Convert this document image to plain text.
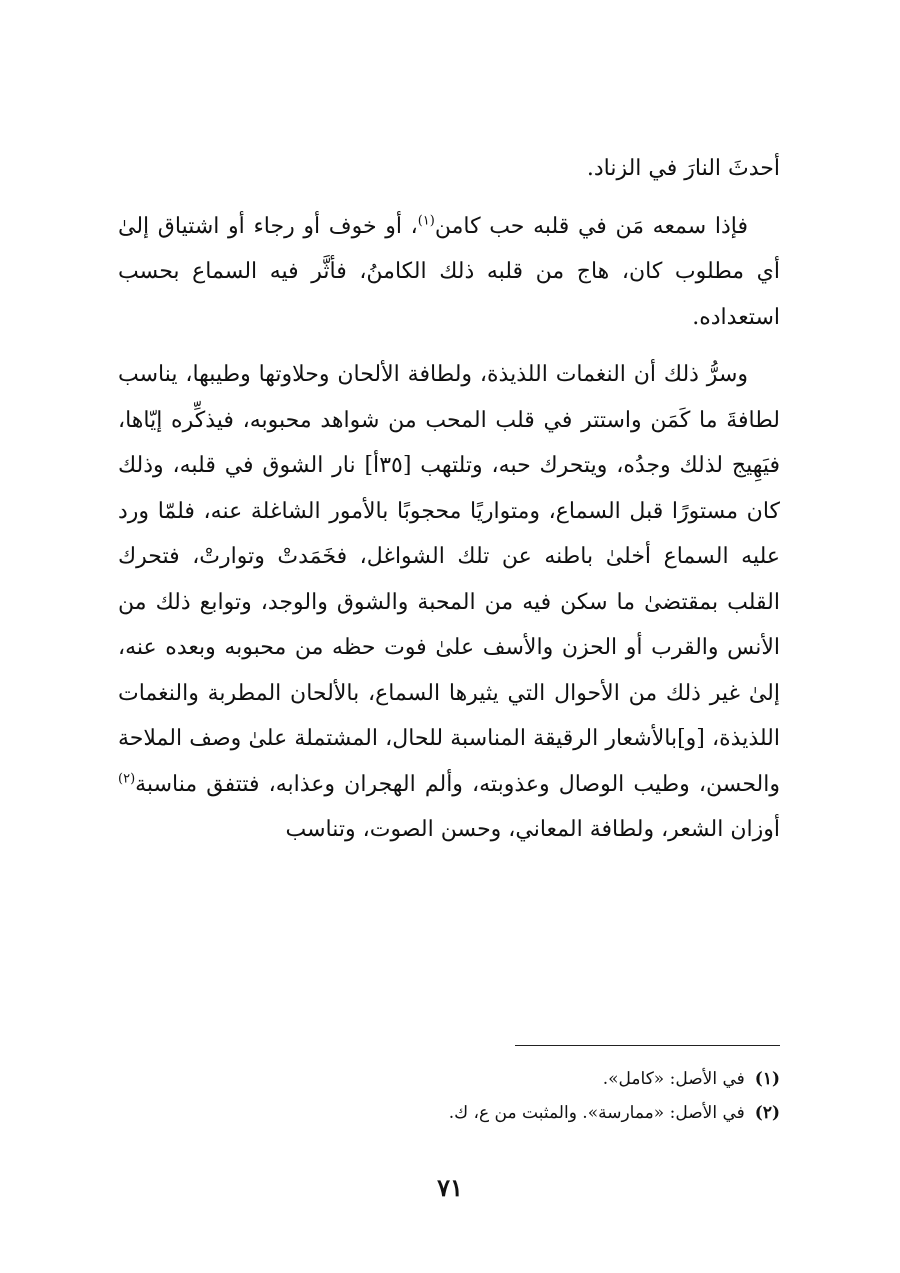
أحدثَ النارَ في الزناد.

فإذا سمعه مَن في قلبه حب كامن$^{(١)}$، أو خوف أو رجاء أو اشتياق إلىٰ أي مطلوب كان، هاج من قلبه ذلك الكامنُ، فأثَّر فيه السماع بحسب استعداده.

وسرُّ ذلك أن النغمات اللذيذة، ولطافة الألحان وحلاوتها وطيبها، يناسب لطافةَ ما كَمَن واستتر في قلب المحب من شواهد محبوبه، فيذكِّره إيّاها، فيَهِيج لذلك وجدُه، ويتحرك حبه، وتلتهب [٣٥أ] نار الشوق في قلبه، وذلك كان مستورًا قبل السماع، ومتواريًا محجوبًا بالأمور الشاغلة عنه، فلمّا ورد عليه السماع أخلىٰ باطنه عن تلك الشواغل، فخَمَدتْ وتوارتْ، فتحرك القلب بمقتضىٰ ما سكن فيه من المحبة والشوق والوجد، وتوابع ذلك من الأنس والقرب أو الحزن والأسف علىٰ فوت حظه من محبوبه وبعده عنه، إلىٰ غير ذلك من الأحوال التي يثيرها السماع، بالألحان المطربة والنغمات اللذيذة، [و]بالأشعار الرقيقة المناسبة للحال، المشتملة علىٰ وصف الملاحة والحسن، وطيب الوصال وعذوبته، وألم الهجران وعذابه، فتتفق مناسبة$^{(٢)}$ أوزان الشعر، ولطافة المعاني، وحسن الصوت، وتناسب

(١)
في الأصل: «كامل».
(٢)
في الأصل: «ممارسة». والمثبت من ع، ك.
٧١
